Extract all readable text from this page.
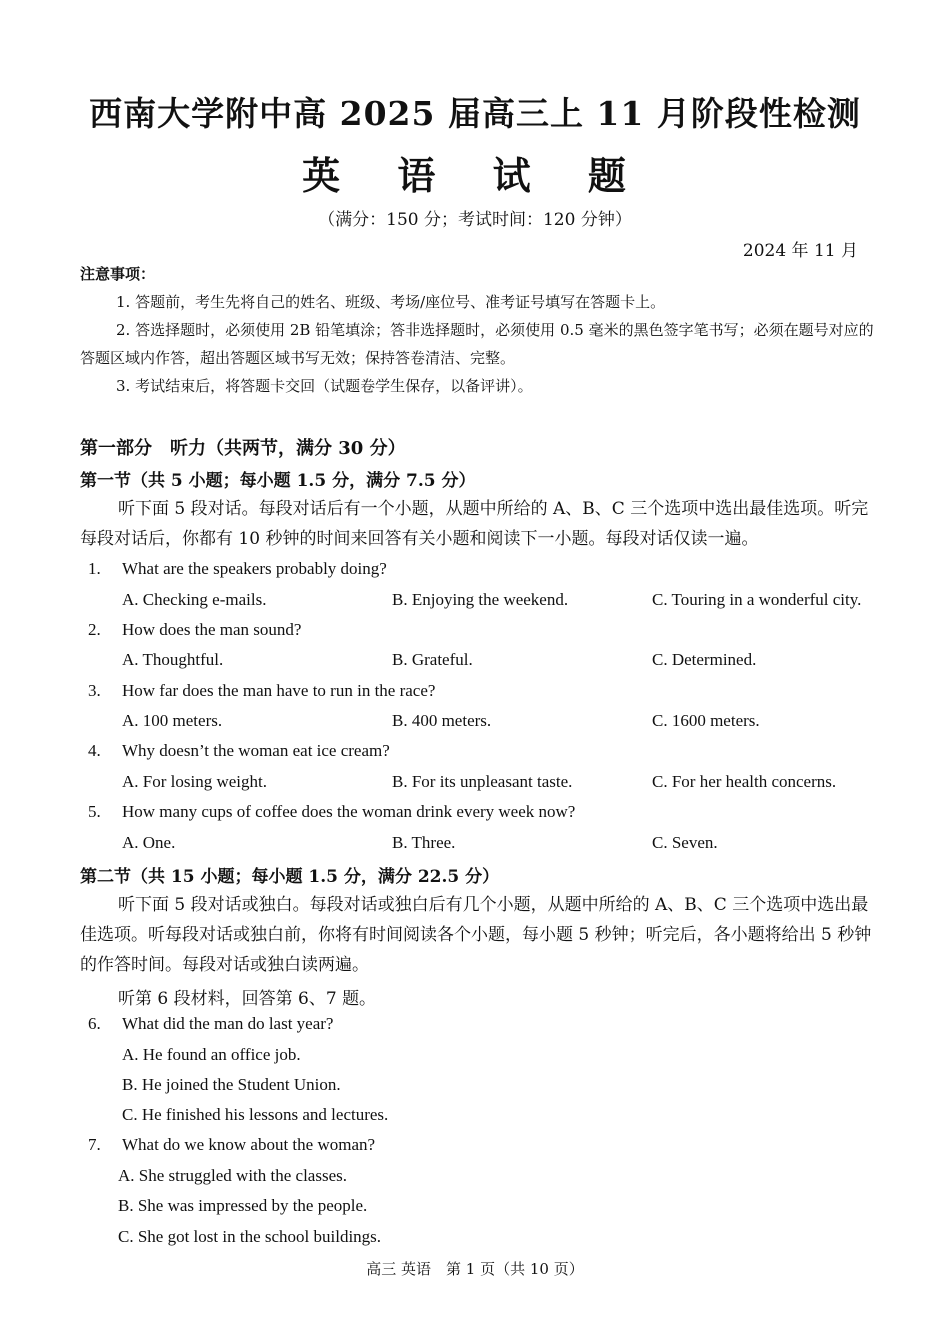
西南大学附中高 2025 届高三上 11 月阶段性检测
英 语 试 题
（满分：150 分；考试时间：120 分钟）
2024 年 11 月
注意事项：
1. 答题前，考生先将自己的姓名、班级、考场/座位号、准考证号填写在答题卡上。
2. 答选择题时，必须使用 2B 铅笔填涂；答非选择题时，必须使用 0.5 毫米的黑色签字笔书写；必须在题号对应的答题区域内作答，超出答题区域书写无效；保持答卷清洁、完整。
3. 考试结束后，将答题卡交回（试题卷学生保存，以备评讲）。
第一部分　听力（共两节，满分 30 分）
第一节（共 5 小题；每小题 1.5 分，满分 7.5 分）
听下面 5 段对话。每段对话后有一个小题，从题中所给的 A、B、C 三个选项中选出最佳选项。听完每段对话后，你都有 10 秒钟的时间来回答有关小题和阅读下一小题。每段对话仅读一遍。
1. What are the speakers probably doing?
A. Checking e-mails.	B. Enjoying the weekend.	C. Touring in a wonderful city.
2. How does the man sound?
A. Thoughtful.	B. Grateful.	C. Determined.
3. How far does the man have to run in the race?
A. 100 meters.	B. 400 meters.	C. 1600 meters.
4. Why doesn’t the woman eat ice cream?
A. For losing weight.	B. For its unpleasant taste.	C. For her health concerns.
5. How many cups of coffee does the woman drink every week now?
A. One.	B. Three.	C. Seven.
第二节（共 15 小题；每小题 1.5 分，满分 22.5 分）
听下面 5 段对话或独白。每段对话或独白后有几个小题，从题中所给的 A、B、C 三个选项中选出最佳选项。听每段对话或独白前，你将有时间阅读各个小题，每小题 5 秒钟；听完后，各小题将给出 5 秒钟的作答时间。每段对话或独白读两遍。
听第 6 段材料，回答第 6、7 题。
6. What did the man do last year?
A. He found an office job.
B. He joined the Student Union.
C. He finished his lessons and lectures.
7. What do we know about the woman?
A. She struggled with the classes.
B. She was impressed by the people.
C. She got lost in the school buildings.
高三 英语　第 1 页（共 10 页）
